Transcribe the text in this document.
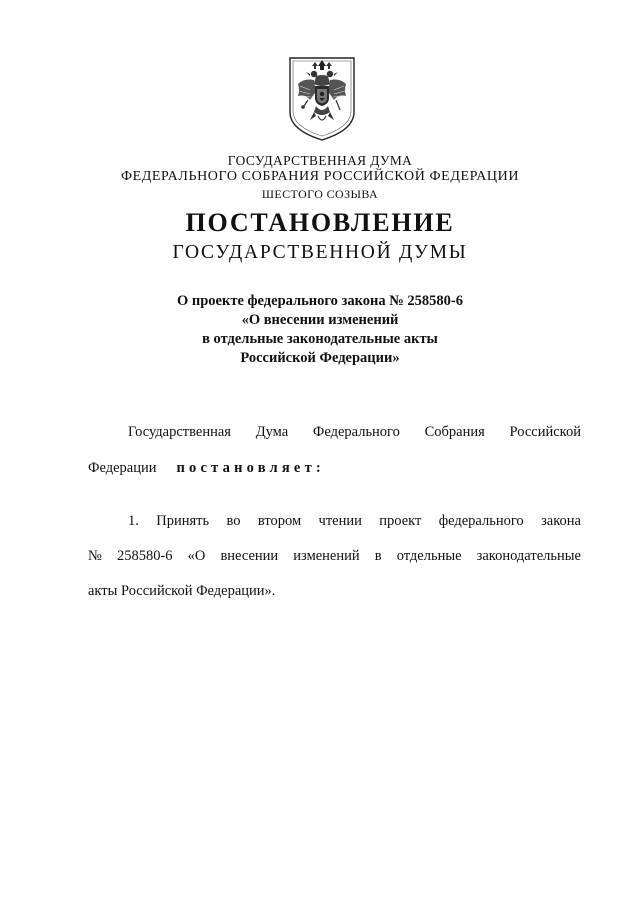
ГОСУДАРСТВЕННАЯ ДУМА
ФЕДЕРАЛЬНОГО СОБРАНИЯ РОССИЙСКОЙ ФЕДЕРАЦИИ
ШЕСТОГО СОЗЫВА
ПОСТАНОВЛЕНИЕ
ГОСУДАРСТВЕННОЙ ДУМЫ
О проекте федерального закона № 258580-6
«О внесении изменений
в отдельные законодательные акты
Российской Федерации»
Государственная Дума Федерального Собрания Российской
Федерации постановляет:
1. Принять во втором чтении проект федерального закона
№ 258580-6 «О внесении изменений в отдельные законодательные
акты Российской Федерации».
